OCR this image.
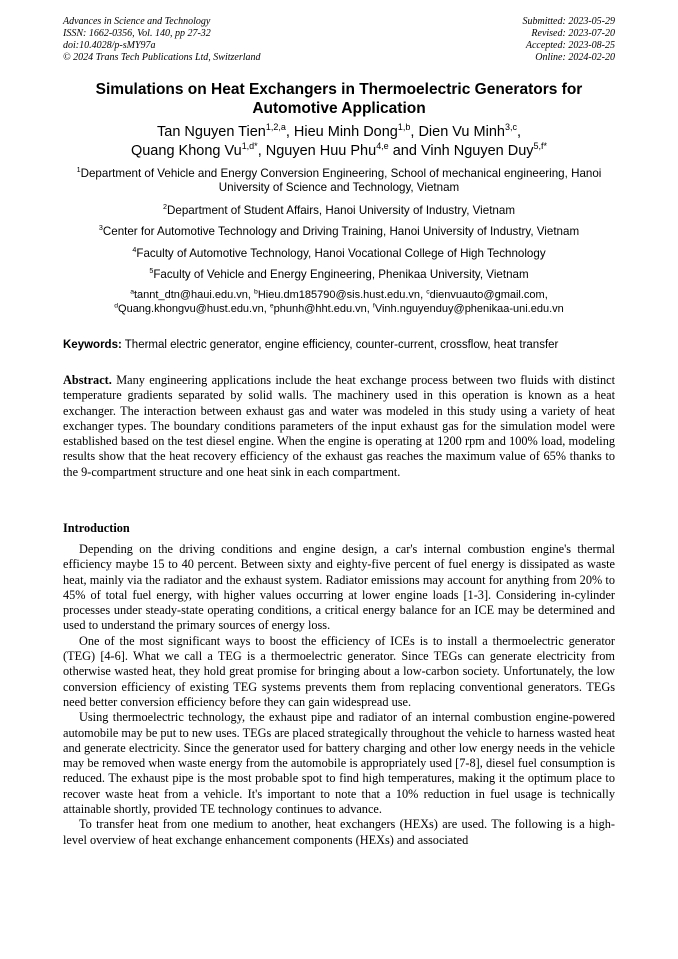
Advances in Science and Technology
ISSN: 1662-0356, Vol. 140, pp 27-32
doi:10.4028/p-sMY97a
© 2024 Trans Tech Publications Ltd, Switzerland
Submitted: 2023-05-29
Revised: 2023-07-20
Accepted: 2023-08-25
Online: 2024-02-20
Simulations on Heat Exchangers in Thermoelectric Generators for Automotive Application
Tan Nguyen Tien$^{1,2,a}$, Hieu Minh Dong$^{1,b}$, Dien Vu Minh$^{3,c}$,
Quang Khong $Vu^{1,d*}$, Nguyen Huu Phu$^{4,e}$ and Vinh Nguyen Duy$^{5,f*}$
$^1$Department of Vehicle and Energy Conversion Engineering, School of mechanical engineering, Hanoi University of Science and Technology, Vietnam
$^2$Department of Student Affairs, Hanoi University of Industry, Vietnam
$^3$Center for Automotive Technology and Driving Training, Hanoi University of Industry, Vietnam
$^4$Faculty of Automotive Technology, Hanoi Vocational College of High Technology
$^5$Faculty of Vehicle and Energy Engineering, Phenikaa University, Vietnam
$^a$tannt_dtn@haui.edu.vn, $^b$Hieu.dm185790@sis.hust.edu.vn, $^c$dienvuauto@gmail.com,
$^d$Quang.khongvu@hust.edu.vn, $^e$phunh@hht.edu.vn, $^f$Vinh.nguyenduy@phenikaa-uni.edu.vn
Keywords: Thermal electric generator, engine efficiency, counter-current, crossflow, heat transfer
Abstract. Many engineering applications include the heat exchange process between two fluids with distinct temperature gradients separated by solid walls. The machinery used in this operation is known as a heat exchanger. The interaction between exhaust gas and water was modeled in this study using a variety of heat exchanger types. The boundary conditions parameters of the input exhaust gas for the simulation model were established based on the test diesel engine. When the engine is operating at 1200 rpm and 100% load, modeling results show that the heat recovery efficiency of the exhaust gas reaches the maximum value of 65% thanks to the 9-compartment structure and one heat sink in each compartment.
Introduction

Depending on the driving conditions and engine design, a car's internal combustion engine's thermal efficiency maybe 15 to 40 percent. Between sixty and eighty-five percent of fuel energy is dissipated as waste heat, mainly via the radiator and the exhaust system. Radiator emissions may account for anything from 20% to 45% of total fuel energy, with higher values occurring at lower engine loads [1-3]. Considering in-cylinder processes under steady-state operating conditions, a critical energy balance for an ICE may be determined and used to understand the primary sources of energy loss.

One of the most significant ways to boost the efficiency of ICEs is to install a thermoelectric generator (TEG) [4-6]. What we call a TEG is a thermoelectric generator. Since TEGs can generate electricity from otherwise wasted heat, they hold great promise for bringing about a low-carbon society. Unfortunately, the low conversion efficiency of existing TEG systems prevents them from replacing conventional generators. TEGs need better conversion efficiency before they can gain widespread use.

Using thermoelectric technology, the exhaust pipe and radiator of an internal combustion engine-powered automobile may be put to new uses. TEGs are placed strategically throughout the vehicle to harness wasted heat and generate electricity. Since the generator used for battery charging and other low energy needs in the vehicle may be removed when waste energy from the automobile is appropriately used [7-8], diesel fuel consumption is reduced. The exhaust pipe is the most probable spot to find high temperatures, making it the optimum place to recover waste heat from a vehicle. It's important to note that a 10% reduction in fuel usage is technically attainable shortly, provided TE technology continues to advance.

To transfer heat from one medium to another, heat exchangers (HEXs) are used. The following is a high-level overview of heat exchange enhancement components (HEXs) and associated
